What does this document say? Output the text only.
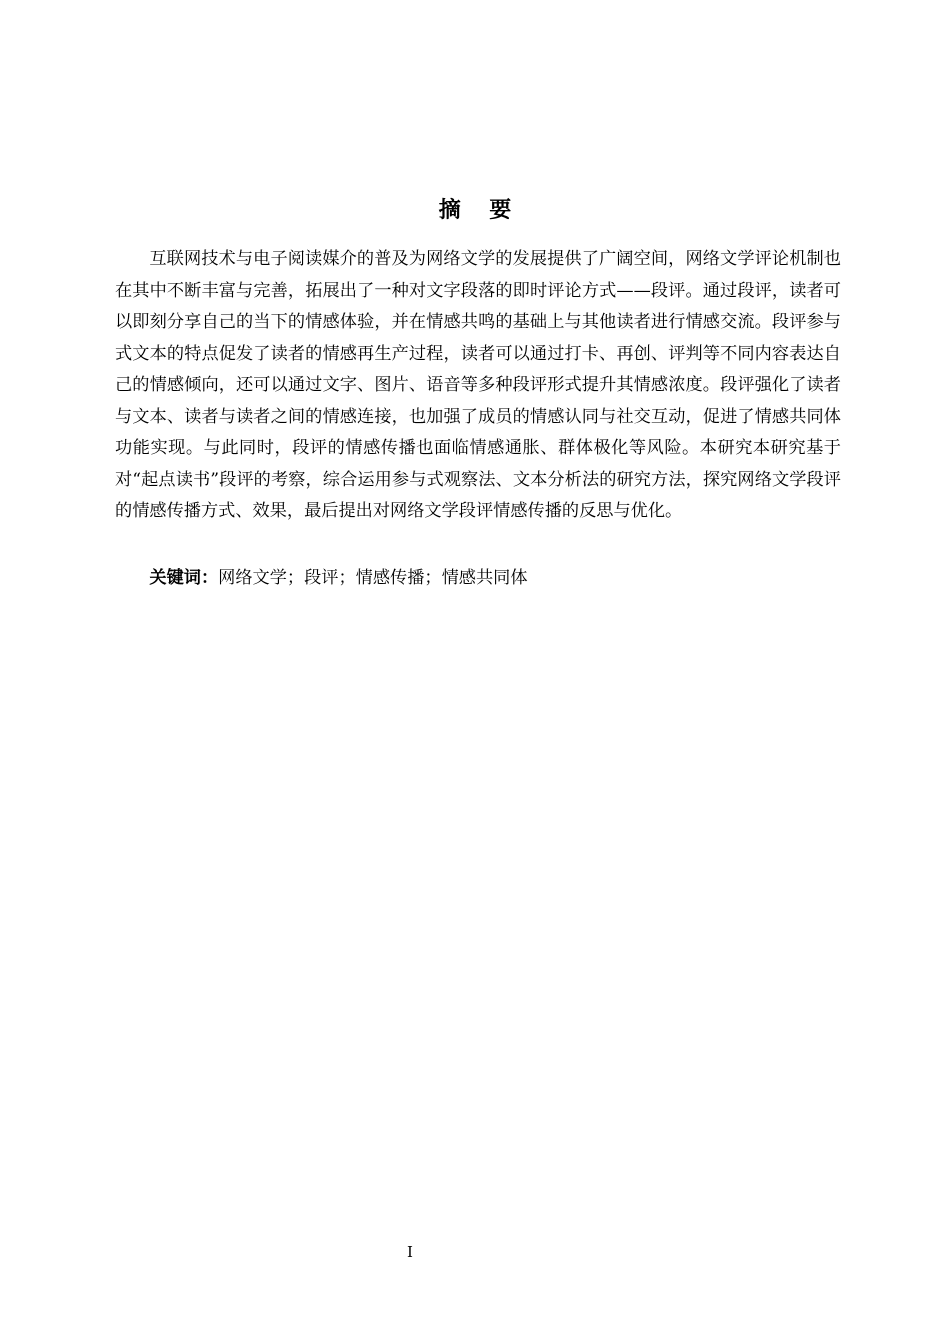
摘要

互联网技术与电子阅读媒介的普及为网络文学的发展提供了广阔空间，网络文学评论机制也在其中不断丰富与完善，拓展出了一种对文字段落的即时评论方式——段评。通过段评，读者可以即刻分享自己的当下的情感体验，并在情感共鸣的基础上与其他读者进行情感交流。段评参与式文本的特点促发了读者的情感再生产过程，读者可以通过打卡、再创、评判等不同内容表达自己的情感倾向，还可以通过文字、图片、语音等多种段评形式提升其情感浓度。段评强化了读者与文本、读者与读者之间的情感连接，也加强了成员的情感认同与社交互动，促进了情感共同体功能实现。与此同时，段评的情感传播也面临情感通胀、群体极化等风险。本研究本研究基于对“起点读书”段评的考察，综合运用参与式观察法、文本分析法的研究方法，探究网络文学段评的情感传播方式、效果，最后提出对网络文学段评情感传播的反思与优化。

关键词：网络文学；段评；情感传播；情感共同体

I
